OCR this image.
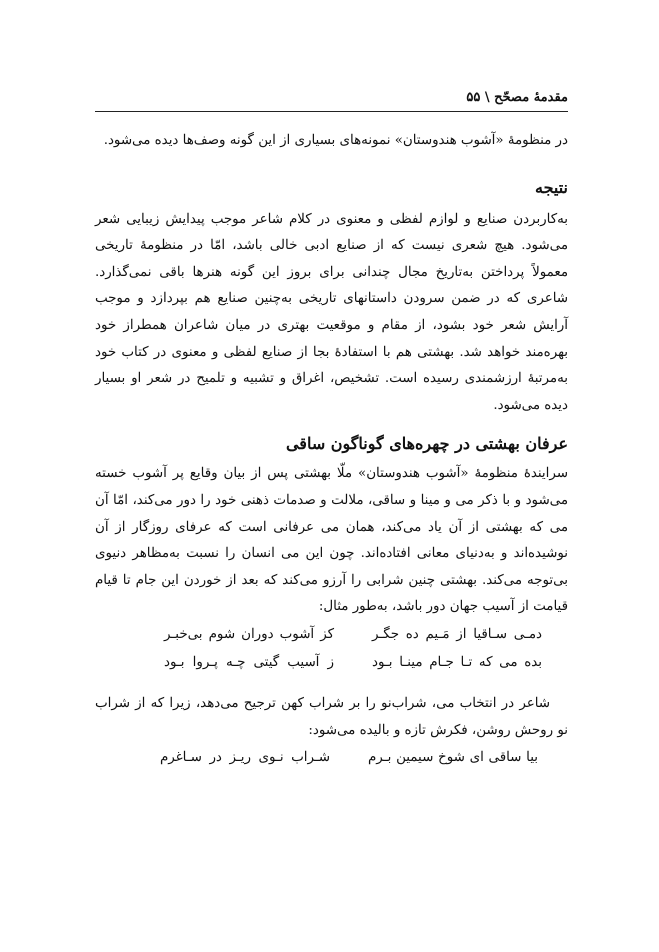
مقدمهٔ مصحّح \ ۵۵

در منظومهٔ «آشوب هندوستان» نمونه‌های بسیاری از این گونه وصف‌ها دیده می‌شود.

نتیجه

به‌کاربردن صنایع و لوازم لفظی و معنوی در کلام شاعر موجب پیدایش زیبایی شعر می‌شود. هیچ شعری نیست که از صنایع ادبی خالی باشد، امّا در منظومهٔ تاریخی معمولاً پرداختن به‌تاریخ مجال چندانی برای بروز این گونه هنرها باقی نمی‌گذارد. شاعری که در ضمن سرودن داستانهای تاریخی به‌چنین صنایع هم بپردازد و موجب آرایش شعر خود بشود، از مقام و موقعیت بهتری در میان شاعران همطراز خود بهره‌مند خواهد شد. بهشتی هم با استفادهٔ بجا از صنایع لفظی و معنوی در کتاب خود به‌مرتبهٔ ارزشمندی رسیده است. تشخیص، اغراق و تشبیه و تلمیح در شعر او بسیار دیده می‌شود.

عرفان بهشتی در چهره‌های گوناگون ساقی

سرایندهٔ منظومهٔ «آشوب هندوستان» ملّا بهشتی پس از بیان وقایع پر آشوب خسته می‌شود و با ذکر می و مینا و ساقی، ملالت و صدمات ذهنی خود را دور می‌کند، امّا آن می که بهشتی از آن یاد می‌کند، همان می عرفانی است که عرفای روزگار از آن نوشیده‌اند و به‌دنیای معانی افتاده‌اند. چون این می انسان را نسبت به‌مظاهر دنیوی بی‌توجه می‌کند. بهشتی چنین شرابی را آرزو می‌کند که بعد از خوردن این جام تا قیام قیامت از آسیب جهان دور باشد، به‌طور مثال:

دمـی سـاقیا از مَـیم ده جگـر
کز آشوب دوران شوم بی‌خبـر
بده می که تـا جـام مینـا بـود
ز آسیب گیتی چـه پـروا بـود

شاعر در انتخاب می، شراب‌نو را بر شراب کهن ترجیح می‌دهد، زیرا که از شراب نو روحش روشن، فکرش تازه و بالیده می‌شود:

بیا ساقی ای شوخ سیمین بـرم
شـراب نـوی ریـز در سـاغرم
